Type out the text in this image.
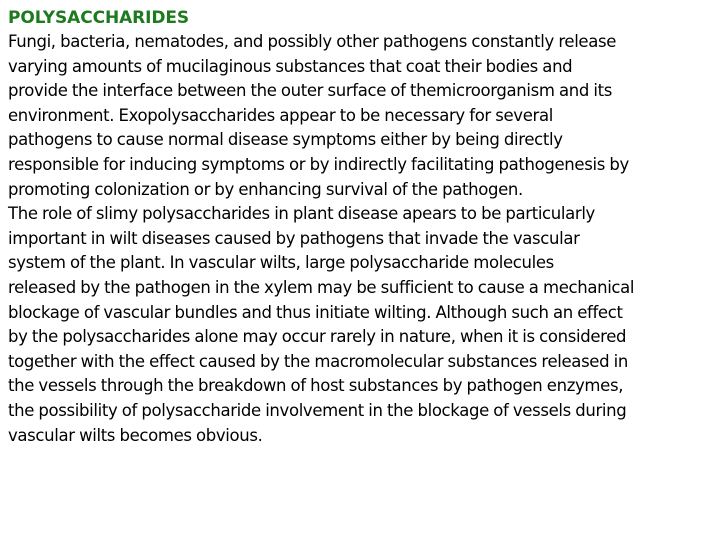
POLYSACCHARIDES

Fungi, bacteria, nematodes, and possibly other pathogens constantly release
varying amounts of mucilaginous substances that coat their bodies and
provide the interface between the outer surface of themicroorganism and its
environment. Exopolysaccharides appear to be necessary for several
pathogens to cause normal disease symptoms either by being directly
responsible for inducing symptoms or by indirectly facilitating pathogenesis by
promoting colonization or by enhancing survival of the pathogen.

The role of slimy polysaccharides in plant disease apears to be particularly
important in wilt diseases caused by pathogens that invade the vascular
system of the plant. In vascular wilts, large polysaccharide molecules
released by the pathogen in the xylem may be sufficient to cause a mechanical
blockage of vascular bundles and thus initiate wilting. Although such an effect
by the polysaccharides alone may occur rarely in nature, when it is considered
together with the effect caused by the macromolecular substances released in
the vessels through the breakdown of host substances by pathogen enzymes,
the possibility of polysaccharide involvement in the blockage of vessels during
vascular wilts becomes obvious.
